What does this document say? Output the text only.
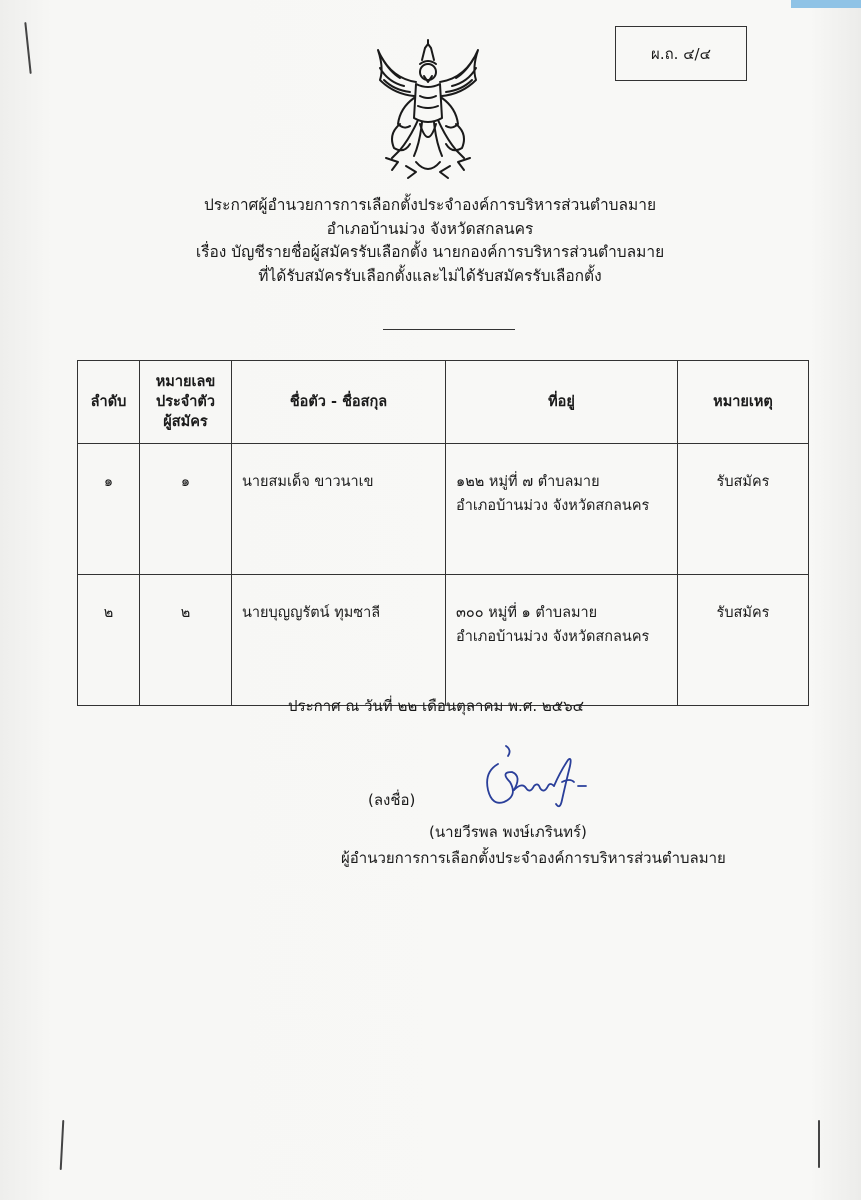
ผ.ถ. ๔/๔
ประกาศผู้อำนวยการการเลือกตั้งประจำองค์การบริหารส่วนตำบลมาย
อำเภอบ้านม่วง จังหวัดสกลนคร
เรื่อง บัญชีรายชื่อผู้สมัครรับเลือกตั้ง นายกองค์การบริหารส่วนตำบลมาย
ที่ได้รับสมัครรับเลือกตั้งและไม่ได้รับสมัครรับเลือกตั้ง
ลำดับ	หมายเลข
ประจำตัว
ผู้สมัคร	ชื่อตัว - ชื่อสกุล	ที่อยู่	หมายเหตุ
๑	๑	นายสมเด็จ ขาวนาเข	๑๒๒ หมู่ที่ ๗ ตำบลมาย
อำเภอบ้านม่วง จังหวัดสกลนคร	รับสมัคร
๒	๒	นายบุญญรัตน์ ทุมซาลี	๓๐๐ หมู่ที่ ๑ ตำบลมาย
อำเภอบ้านม่วง จังหวัดสกลนคร	รับสมัคร
ประกาศ ณ วันที่ ๒๒ เดือนตุลาคม พ.ศ. ๒๕๖๔
(ลงชื่อ)
(นายวีรพล พงษ์เภรินทร์)
ผู้อำนวยการการเลือกตั้งประจำองค์การบริหารส่วนตำบลมาย
